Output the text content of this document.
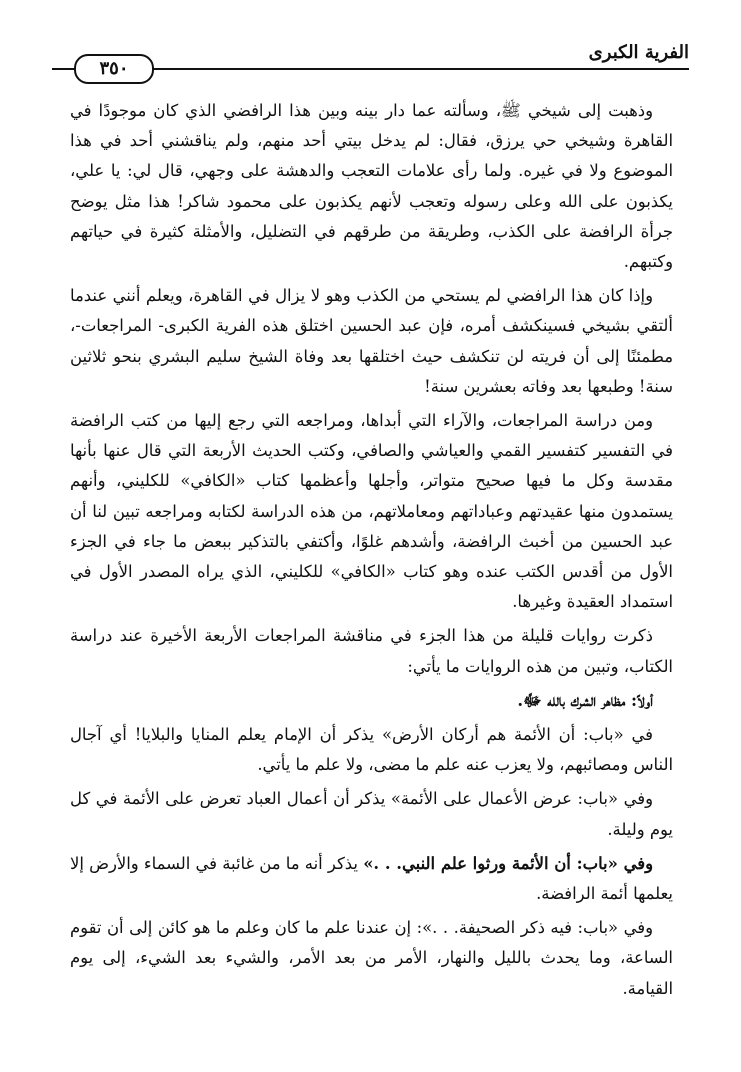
الفرية الكبرى
٣٥٠

وذهبت إلى شيخي ﷺ، وسألته عما دار بينه وبين هذا الرافضي الذي كان موجودًا في القاهرة وشيخي حي يرزق، فقال: لم يدخل بيتي أحد منهم، ولم يناقشني أحد في هذا الموضوع ولا في غيره. ولما رأى علامات التعجب والدهشة على وجهي، قال لي: يا علي، يكذبون على الله وعلى رسوله وتعجب لأنهم يكذبون على محمود شاكر! هذا مثل يوضح جرأة الرافضة على الكذب، وطريقة من طرقهم في التضليل، والأمثلة كثيرة في حياتهم وكتبهم.

وإذا كان هذا الرافضي لم يستحي من الكذب وهو لا يزال في القاهرة، ويعلم أنني عندما ألتقي بشيخي فسينكشف أمره، فإن عبد الحسين اختلق هذه الفرية الكبرى- المراجعات-، مطمئنًا إلى أن فريته لن تنكشف حيث اختلقها بعد وفاة الشيخ سليم البشري بنحو ثلاثين سنة! وطبعها بعد وفاته بعشرين سنة!

ومن دراسة المراجعات، والآراء التي أبداها، ومراجعه التي رجع إليها من كتب الرافضة في التفسير كتفسير القمي والعياشي والصافي، وكتب الحديث الأربعة التي قال عنها بأنها مقدسة وكل ما فيها صحيح متواتر، وأجلها وأعظمها كتاب «الكافي» للكليني، وأنهم يستمدون منها عقيدتهم وعباداتهم ومعاملاتهم، من هذه الدراسة لكتابه ومراجعه تبين لنا أن عبد الحسين من أخبث الرافضة، وأشدهم غلوًا، وأكتفي بالتذكير ببعض ما جاء في الجزء الأول من أقدس الكتب عنده وهو كتاب «الكافي» للكليني، الذي يراه المصدر الأول في استمداد العقيدة وغيرها.

ذكرت روايات قليلة من هذا الجزء في مناقشة المراجعات الأربعة الأخيرة عند دراسة الكتاب، وتبين من هذه الروايات ما يأتي:

أولاً: مظاهر الشرك بالله ﷻ.

في «باب: أن الأئمة هم أركان الأرض» يذكر أن الإمام يعلم المنايا والبلايا! أي آجال الناس ومصائبهم، ولا يعزب عنه علم ما مضى، ولا علم ما يأتي.

وفي «باب: عرض الأعمال على الأئمة» يذكر أن أعمال العباد تعرض على الأئمة في كل يوم وليلة.

وفي «باب: أن الأئمة ورثوا علم النبي. . .» يذكر أنه ما من غائبة في السماء والأرض إلا يعلمها أئمة الرافضة.

وفي «باب: فيه ذكر الصحيفة. . .»: إن عندنا علم ما كان وعلم ما هو كائن إلى أن تقوم الساعة، وما يحدث بالليل والنهار، الأمر من بعد الأمر، والشيء بعد الشيء، إلى يوم القيامة.
